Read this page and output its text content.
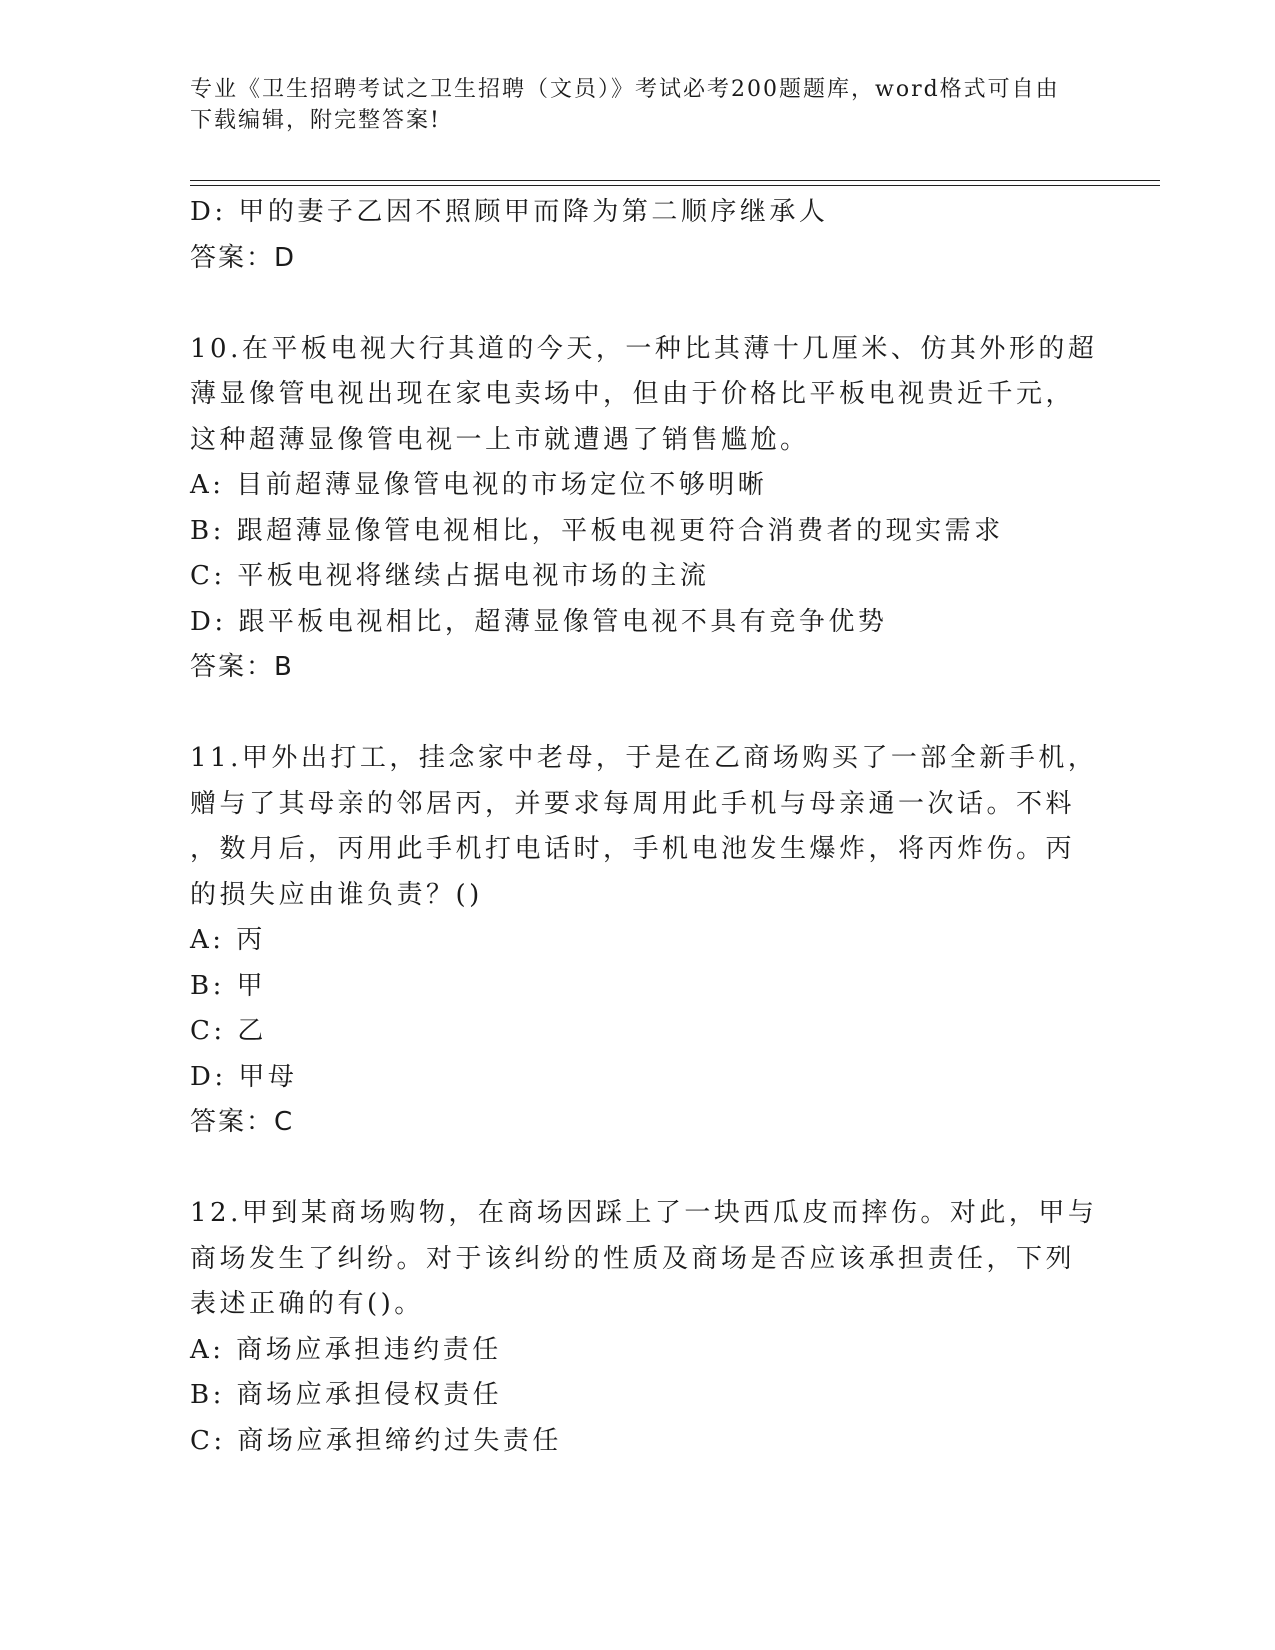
专业《卫生招聘考试之卫生招聘（文员）》考试必考200题题库，word格式可自由下载编辑，附完整答案!
D: 甲的妻子乙因不照顾甲而降为第二顺序继承人
答案：D
10.在平板电视大行其道的今天，一种比其薄十几厘米、仿其外形的超
薄显像管电视出现在家电卖场中，但由于价格比平板电视贵近千元，
这种超薄显像管电视一上市就遭遇了销售尴尬。
A: 目前超薄显像管电视的市场定位不够明晰
B: 跟超薄显像管电视相比，平板电视更符合消费者的现实需求
C: 平板电视将继续占据电视市场的主流
D: 跟平板电视相比，超薄显像管电视不具有竞争优势
答案：B
11.甲外出打工，挂念家中老母，于是在乙商场购买了一部全新手机，
赠与了其母亲的邻居丙，并要求每周用此手机与母亲通一次话。不料
，数月后，丙用此手机打电话时，手机电池发生爆炸，将丙炸伤。丙
的损失应由谁负责？()
A: 丙
B: 甲
C: 乙
D: 甲母
答案：C
12.甲到某商场购物，在商场因踩上了一块西瓜皮而摔伤。对此，甲与
商场发生了纠纷。对于该纠纷的性质及商场是否应该承担责任，下列
表述正确的有()。
A: 商场应承担违约责任
B: 商场应承担侵权责任
C: 商场应承担缔约过失责任
